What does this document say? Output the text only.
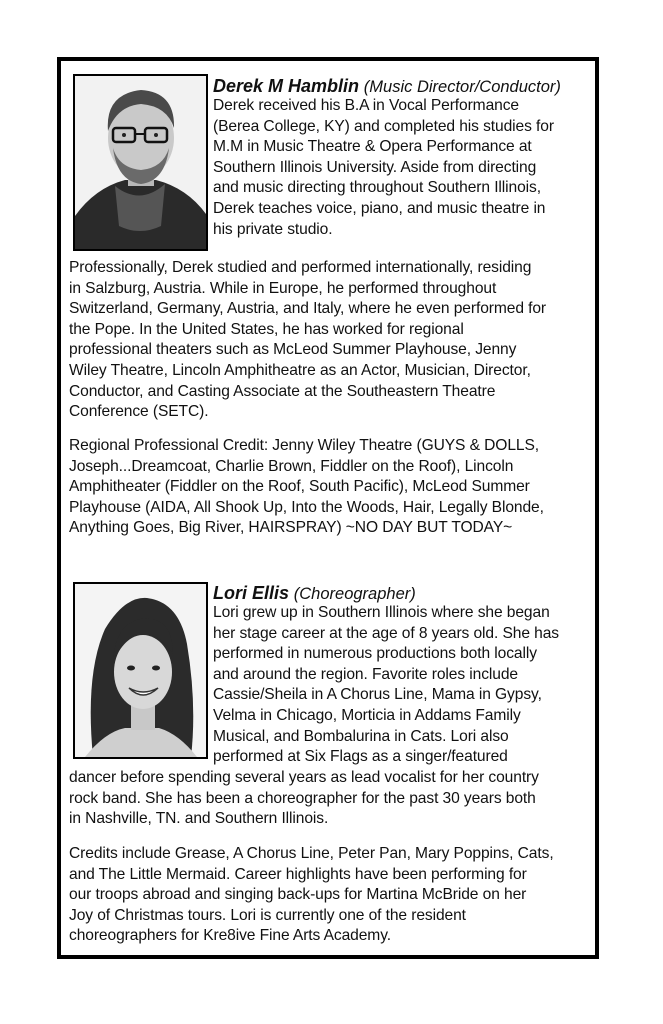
Derek M Hamblin (Music Director/Conductor)
Derek received his B.A in Vocal Performance
(Berea College, KY) and completed his studies for
M.M in Music Theatre & Opera Performance at
Southern Illinois University. Aside from directing
and music directing throughout Southern Illinois,
Derek teaches voice, piano, and music theatre in
his private studio.
Professionally, Derek studied and performed internationally, residing
in Salzburg, Austria. While in Europe, he performed throughout
Switzerland, Germany, Austria, and Italy, where he even performed for
the Pope. In the United States, he has worked for regional
professional theaters such as McLeod Summer Playhouse, Jenny
Wiley Theatre, Lincoln Amphitheatre as an Actor, Musician, Director,
Conductor, and Casting Associate at the Southeastern Theatre
Conference (SETC).
Regional Professional Credit: Jenny Wiley Theatre (GUYS & DOLLS,
Joseph...Dreamcoat, Charlie Brown, Fiddler on the Roof), Lincoln
Amphitheater (Fiddler on the Roof, South Pacific), McLeod Summer
Playhouse (AIDA, All Shook Up, Into the Woods, Hair, Legally Blonde,
Anything Goes, Big River, HAIRSPRAY) ~NO DAY BUT TODAY~
Lori Ellis (Choreographer)
Lori grew up in Southern Illinois where she began
her stage career at the age of 8 years old. She has
performed in numerous productions both locally
and around the region. Favorite roles include
Cassie/Sheila in A Chorus Line, Mama in Gypsy,
Velma in Chicago, Morticia in Addams Family
Musical, and Bombalurina in Cats. Lori also
performed at Six Flags as a singer/featured
dancer before spending several years as lead vocalist for her country
rock band. She has been a choreographer for the past 30 years both
in Nashville, TN. and Southern Illinois.
Credits include Grease, A Chorus Line, Peter Pan, Mary Poppins, Cats,
and The Little Mermaid. Career highlights have been performing for
our troops abroad and singing back-ups for Martina McBride on her
Joy of Christmas tours. Lori is currently one of the resident
choreographers for Kre8ive Fine Arts Academy.
